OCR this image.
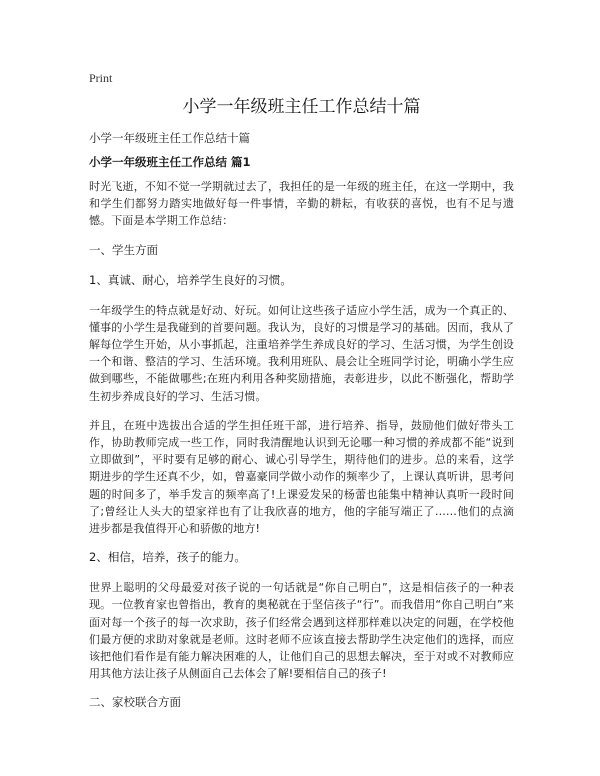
Print

小学一年级班主任工作总结十篇

小学一年级班主任工作总结十篇

小学一年级班主任工作总结 篇1

时光飞逝，不知不觉一学期就过去了，我担任的是一年级的班主任，在这一学期中，我和学生们都努力踏实地做好每一件事情，辛勤的耕耘，有收获的喜悦，也有不足与遗憾。下面是本学期工作总结：

一、学生方面

1、真诚、耐心，培养学生良好的习惯。

一年级学生的特点就是好动、好玩。如何让这些孩子适应小学生活，成为一个真正的、懂事的小学生是我碰到的首要问题。我认为，良好的习惯是学习的基础。因而，我从了解每位学生开始，从小事抓起，注重培养学生养成良好的学习、生活习惯，为学生创设一个和谐、整洁的学习、生活环境。我利用班队、晨会让全班同学讨论，明确小学生应做到哪些，不能做哪些;在班内利用各种奖励措施，表彰进步，以此不断强化，帮助学生初步养成良好的学习、生活习惯。

并且，在班中选拔出合适的学生担任班干部，进行培养、指导，鼓励他们做好带头工作，协助教师完成一些工作，同时我清醒地认识到无论哪一种习惯的养成都不能“说到立即做到”，平时要有足够的耐心、诚心引导学生，期待他们的进步。总的来看，这学期进步的学生还真不少，如，曾嘉豪同学做小动作的频率少了，上课认真听讲，思考问题的时间多了，举手发言的频率高了!上课爱发呆的杨蕾也能集中精神认真听一段时间了;曾经让人头大的望家祥也有了让我欣喜的地方，他的字能写端正了……他们的点滴进步都是我值得开心和骄傲的地方!

2、相信，培养，孩子的能力。

世界上聪明的父母最爱对孩子说的一句话就是“你自己明白”，这是相信孩子的一种表现。一位教育家也曾指出，教育的奥秘就在于坚信孩子“行”。而我借用“你自己明白”来面对每一个孩子的每一次求助，孩子们经常会遇到这样那样难以决定的问题，在学校他们最方便的求助对象就是老师。这时老师不应该直接去帮助学生决定他们的选择，而应该把他们看作是有能力解决困难的人，让他们自己的思想去解决，至于对或不对教师应用其他方法让孩子从侧面自己去体会了解!要相信自己的孩子!

二、家校联合方面
